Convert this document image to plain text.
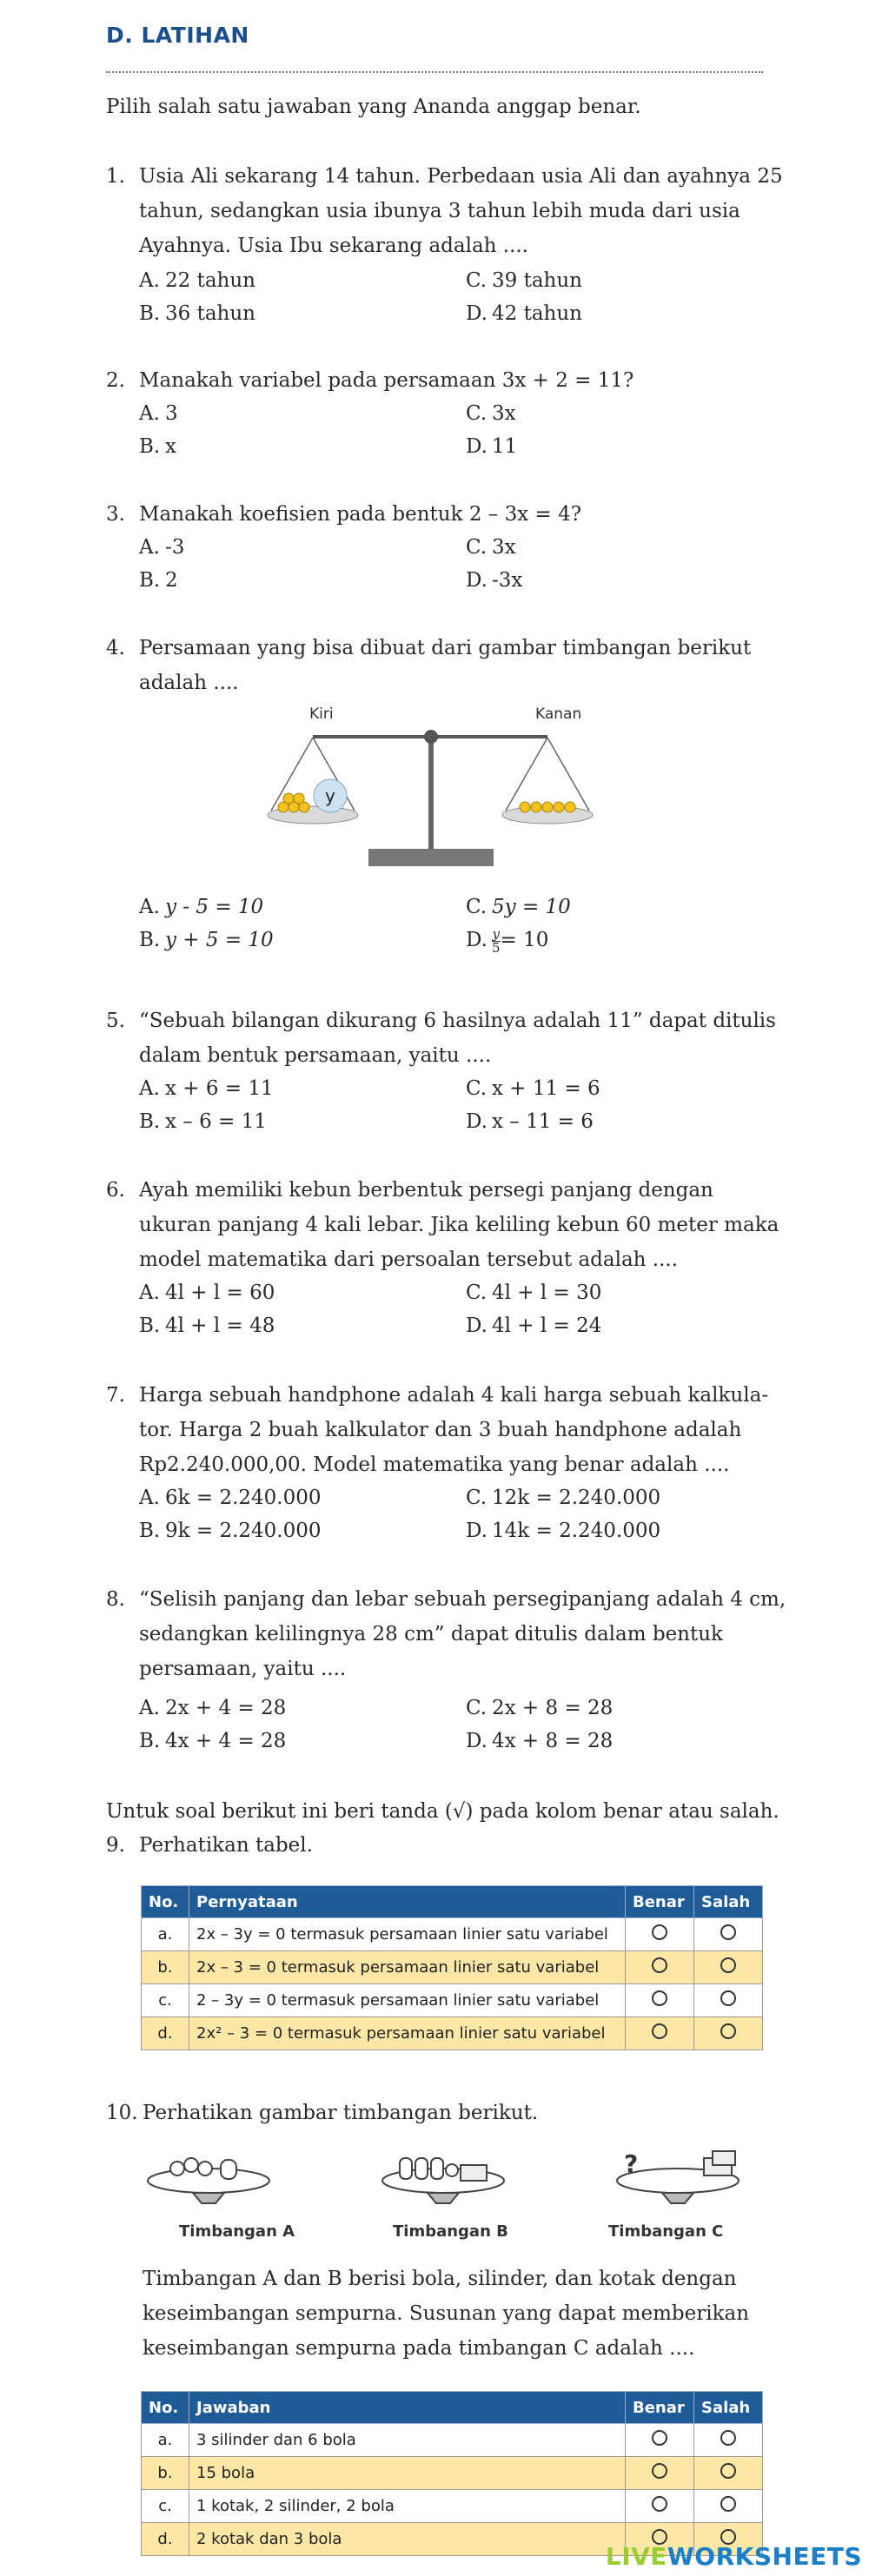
D. LATIHAN
Pilih salah satu jawaban yang Ananda anggap benar.
1. Usia Ali sekarang 14 tahun. Perbedaan usia Ali dan ayahnya 25
tahun, sedangkan usia ibunya 3 tahun lebih muda dari usia
Ayahnya. Usia Ibu sekarang adalah ....
A. 22 tahun	C. 39 tahun
B. 36 tahun	D. 42 tahun
2. Manakah variabel pada persamaan 3x + 2 = 11?
A. 3	C. 3x
B. x	D. 11
3. Manakah koefisien pada bentuk 2 – 3x = 4?
A. -3	C. 3x
B. 2	D. -3x
4. Persamaan yang bisa dibuat dari gambar timbangan berikut
adalah ....
Kiri	Kanan
y
A. y - 5 = 10	C. 5y = 10
B. y + 5 = 10	D. $\frac{y}{5} = 10$
5. “Sebuah bilangan dikurang 6 hasilnya adalah 11” dapat ditulis
dalam bentuk persamaan, yaitu ....
A. x + 6 = 11	C. x + 11 = 6
B. x – 6 = 11	D. x – 11 = 6
6. Ayah memiliki kebun berbentuk persegi panjang dengan
ukuran panjang 4 kali lebar. Jika keliling kebun 60 meter maka
model matematika dari persoalan tersebut adalah ....
A. 4l + l = 60	C. 4l + l = 30
B. 4l + l = 48	D. 4l + l = 24
7. Harga sebuah handphone adalah 4 kali harga sebuah kalkula-
tor. Harga 2 buah kalkulator dan 3 buah handphone adalah
Rp2.240.000,00. Model matematika yang benar adalah ....
A. 6k = 2.240.000	C. 12k = 2.240.000
B. 9k = 2.240.000	D. 14k = 2.240.000
8. “Selisih panjang dan lebar sebuah persegipanjang adalah 4 cm,
sedangkan kelilingnya 28 cm” dapat ditulis dalam bentuk
persamaan, yaitu ....
A. 2x + 4 = 28	C. 2x + 8 = 28
B. 4x + 4 = 28	D. 4x + 8 = 28
Untuk soal berikut ini beri tanda (√) pada kolom benar atau salah.
9. Perhatikan tabel.
No.	Pernyataan	Benar	Salah
a.	2x – 3y = 0 termasuk persamaan linier satu variabel		
b.	2x – 3 = 0 termasuk persamaan linier satu variabel		
c.	2 – 3y = 0 termasuk persamaan linier satu variabel		
d.	2x² – 3 = 0 termasuk persamaan linier satu variabel		
10. Perhatikan gambar timbangan berikut.
?
Timbangan A	Timbangan B	Timbangan C
Timbangan A dan B berisi bola, silinder, dan kotak dengan
keseimbangan sempurna. Susunan yang dapat memberikan
keseimbangan sempurna pada timbangan C adalah ....
No.	Jawaban	Benar	Salah
a.	3 silinder dan 6 bola		
b.	15 bola		
c.	1 kotak, 2 silinder, 2 bola		
d.	2 kotak dan 3 bola		
LIVEWORKSHEETS
